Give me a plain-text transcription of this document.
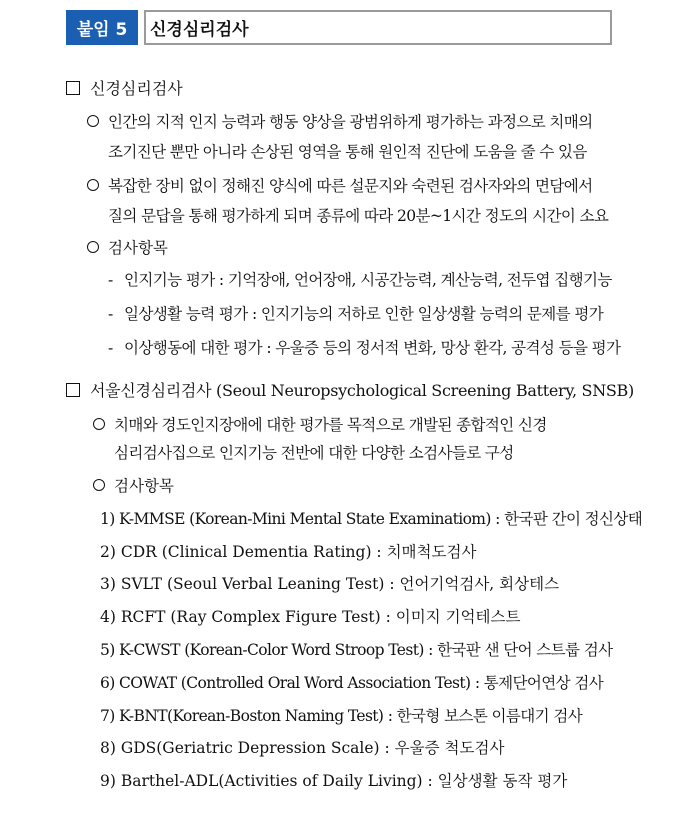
붙임 5	신경심리검사
신경심리검사
인간의 지적 인지 능력과 행동 양상을 광범위하게 평가하는 과정으로 치매의
조기진단 뿐만 아니라 손상된 영역을 통해 원인적 진단에 도움을 줄 수 있음
복잡한 장비 없이 정해진 양식에 따른 설문지와 숙련된 검사자와의 면담에서
질의 문답을 통해 평가하게 되며 종류에 따라 20분~1시간 정도의 시간이 소요
검사항목
- 인지기능 평가 : 기억장애, 언어장애, 시공간능력, 계산능력, 전두엽 집행기능
- 일상생활 능력 평가 : 인지기능의 저하로 인한 일상생활 능력의 문제를 평가
- 이상행동에 대한 평가 : 우울증 등의 정서적 변화, 망상 환각, 공격성 등을 평가
서울신경심리검사 (Seoul Neuropsychological Screening Battery, SNSB)
치매와 경도인지장애에 대한 평가를 목적으로 개발된 종합적인 신경
심리검사집으로 인지기능 전반에 대한 다양한 소검사들로 구성
검사항목
1) K-MMSE (Korean-Mini Mental State Examinatiom) : 한국판 간이 정신상태
2) CDR (Clinical Dementia Rating) : 치매척도검사
3) SVLT (Seoul Verbal Leaning Test) : 언어기억검사, 회상테스
4) RCFT (Ray Complex Figure Test) : 이미지 기억테스트
5) K-CWST (Korean-Color Word Stroop Test) : 한국판 샌 단어 스트룹 검사
6) COWAT (Controlled Oral Word Association Test) : 통제단어연상 검사
7) K-BNT(Korean-Boston Naming Test) : 한국형 보스톤 이름대기 검사
8) GDS(Geriatric Depression Scale) : 우울증 척도검사
9) Barthel-ADL(Activities of Daily Living) : 일상생활 동작 평가
